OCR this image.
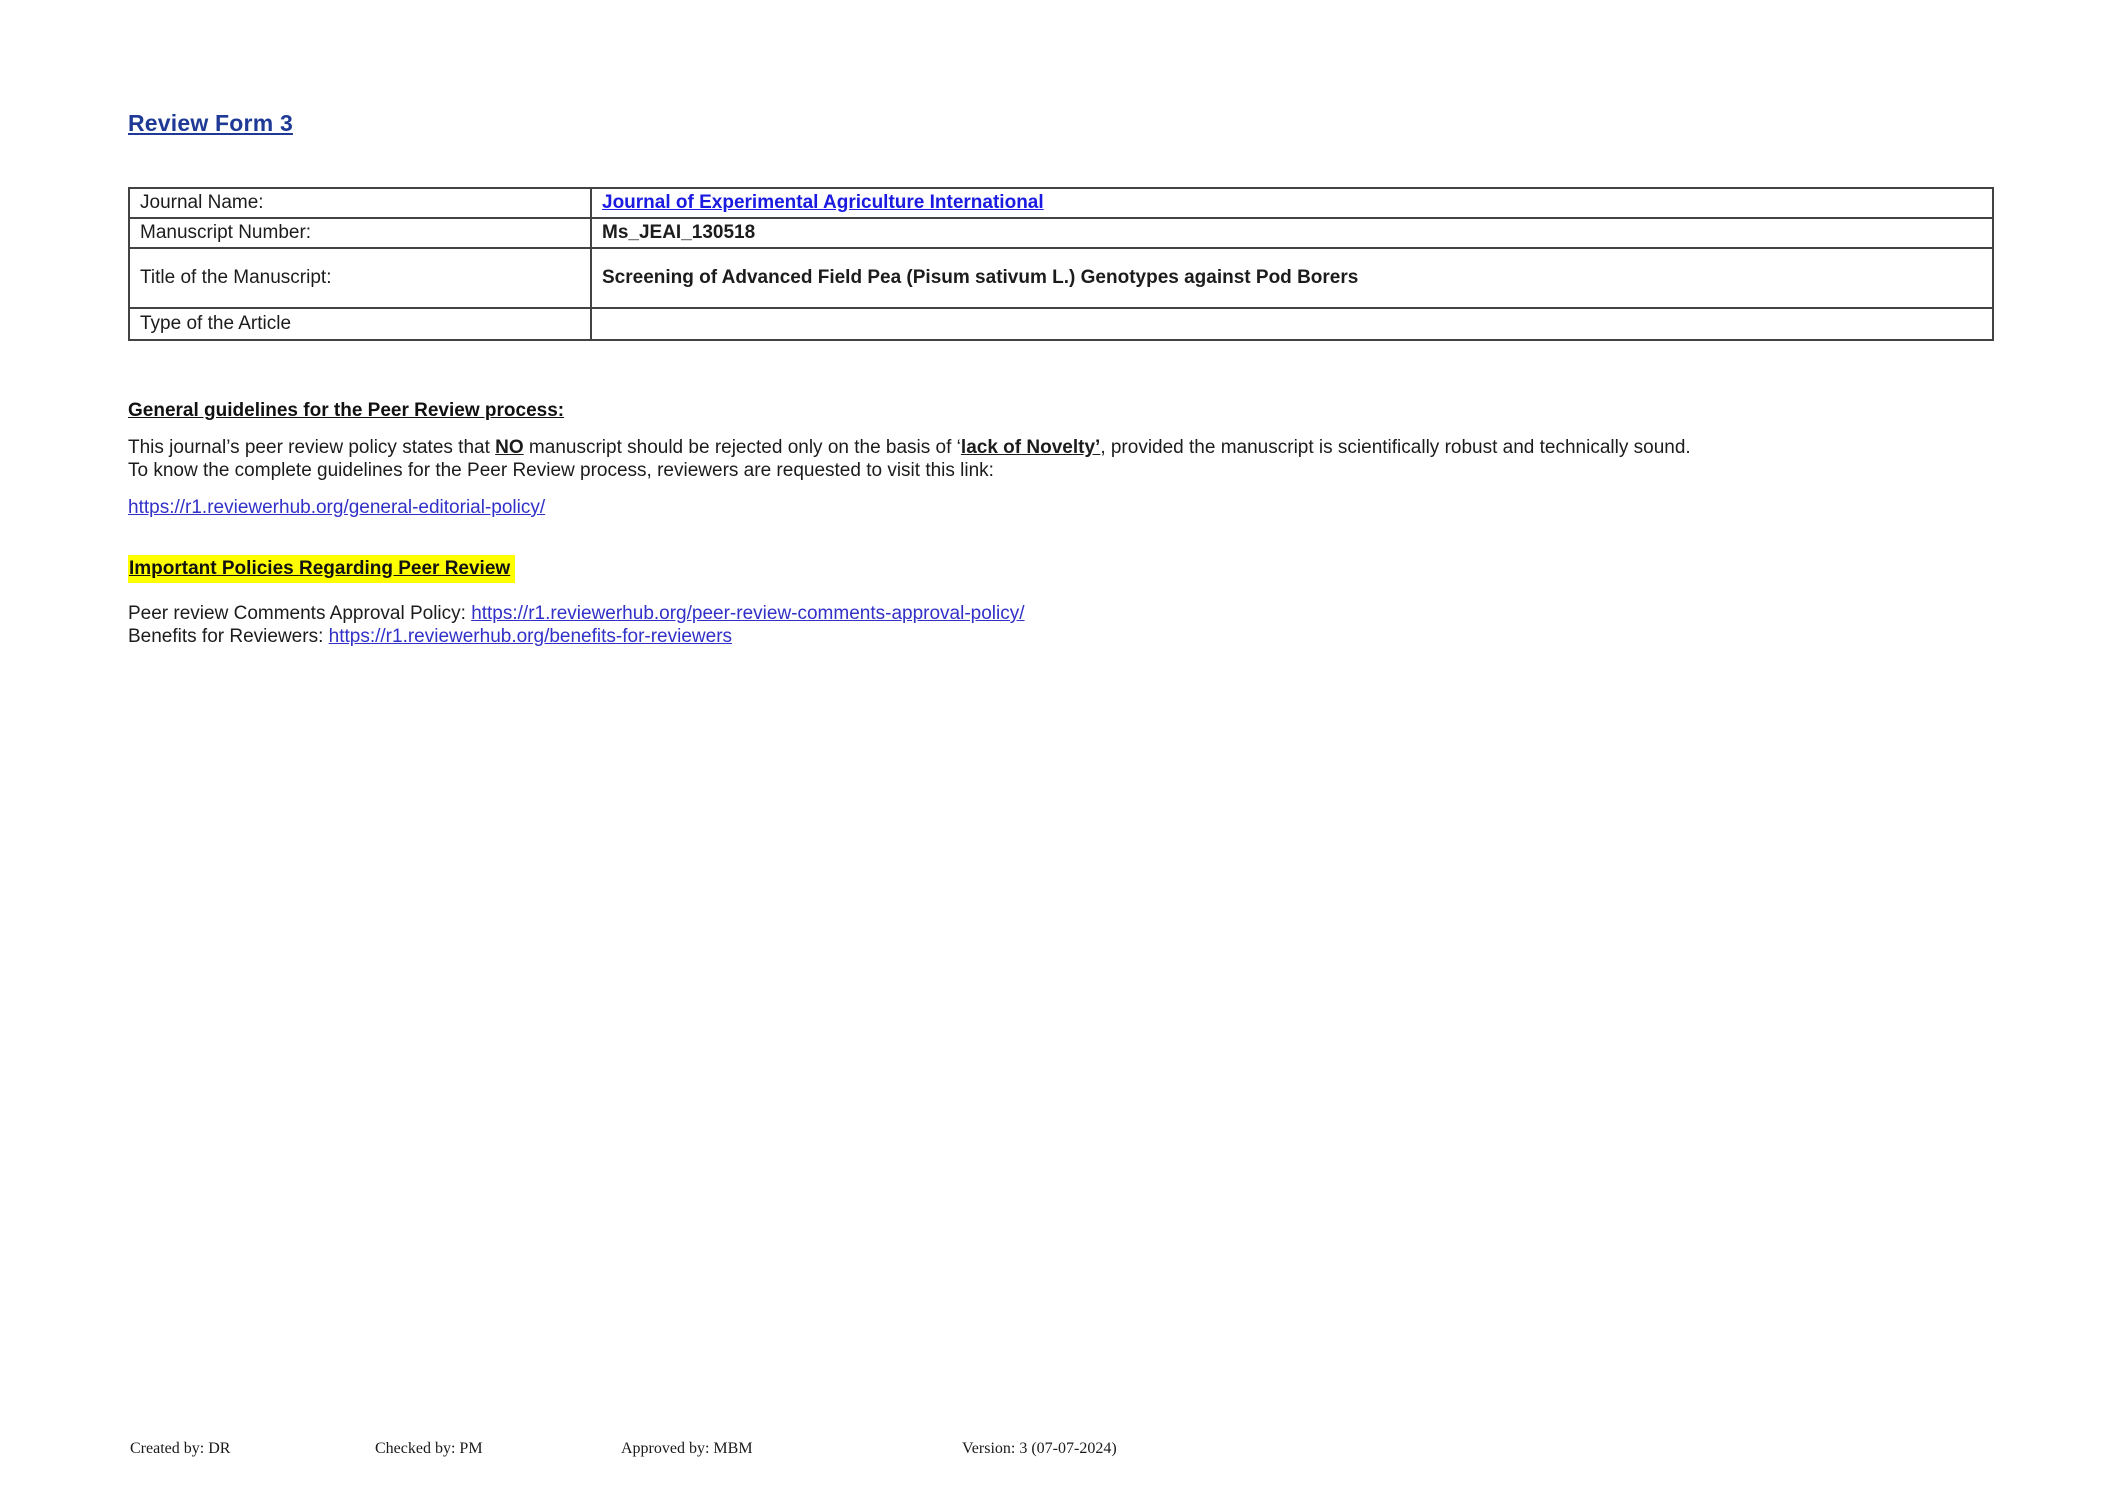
Review Form 3
Journal Name:	Journal of Experimental Agriculture International
Manuscript Number:	Ms_JEAI_130518
Title of the Manuscript:	Screening of Advanced Field Pea (Pisum sativum L.) Genotypes against Pod Borers
Type of the Article	
General guidelines for the Peer Review process:
This journal’s peer review policy states that NO manuscript should be rejected only on the basis of ‘lack of Novelty’, provided the manuscript is scientifically robust and technically sound.
To know the complete guidelines for the Peer Review process, reviewers are requested to visit this link:
https://r1.reviewerhub.org/general-editorial-policy/
Important Policies Regarding Peer Review
Peer review Comments Approval Policy: https://r1.reviewerhub.org/peer-review-comments-approval-policy/
Benefits for Reviewers: https://r1.reviewerhub.org/benefits-for-reviewers
Created by: DR	Checked by: PM	Approved by: MBM	Version: 3 (07-07-2024)
